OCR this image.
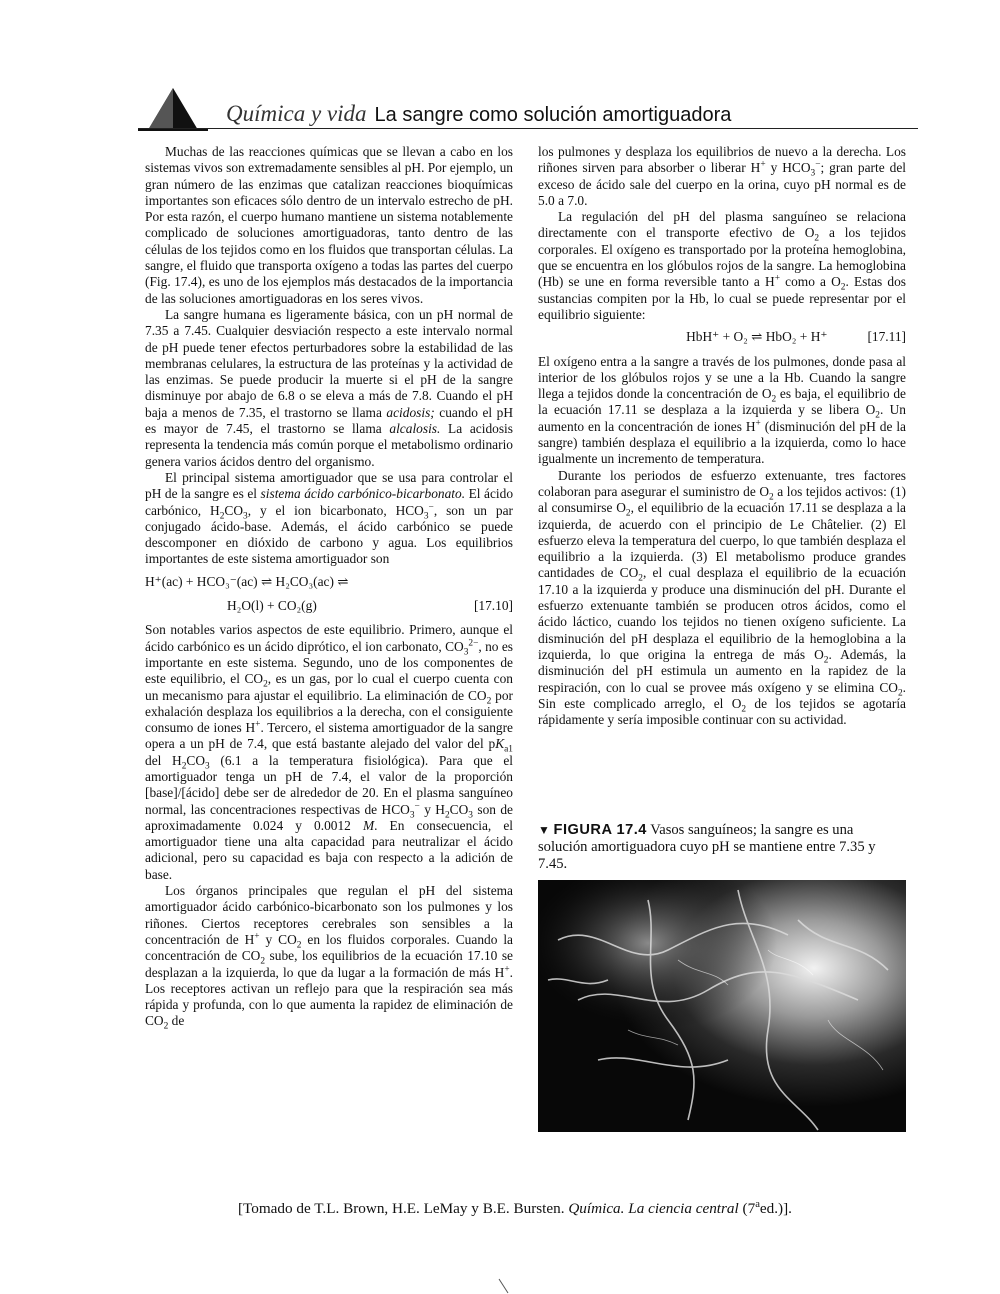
Química y vida La sangre como solución amortiguadora

Muchas de las reacciones químicas que se llevan a cabo en los sistemas vivos son extremadamente sensibles al pH. Por ejemplo, un gran número de las enzimas que catalizan reacciones bioquímicas importantes son eficaces sólo dentro de un intervalo estrecho de pH. Por esta razón, el cuerpo humano mantiene un sistema notablemente complicado de soluciones amortiguadoras, tanto dentro de las células de los tejidos como en los fluidos que transportan células. La sangre, el fluido que transporta oxígeno a todas las partes del cuerpo (Fig. 17.4), es uno de los ejemplos más destacados de la importancia de las soluciones amortiguadoras en los seres vivos.

La sangre humana es ligeramente básica, con un pH normal de 7.35 a 7.45. Cualquier desviación respecto a este intervalo normal de pH puede tener efectos perturbadores sobre la estabilidad de las membranas celulares, la estructura de las proteínas y la actividad de las enzimas. Se puede producir la muerte si el pH de la sangre disminuye por abajo de 6.8 o se eleva a más de 7.8. Cuando el pH baja a menos de 7.35, el trastorno se llama acidosis; cuando el pH es mayor de 7.45, el trastorno se llama alcalosis. La acidosis representa la tendencia más común porque el metabolismo ordinario genera varios ácidos dentro del organismo.

El principal sistema amortiguador que se usa para controlar el pH de la sangre es el sistema ácido carbónico-bicarbonato. El ácido carbónico, $H_2CO_3$, y el ion bicarbonato, $HCO_3^-$, son un par conjugado ácido-base. Además, el ácido carbónico se puede descomponer en dióxido de carbono y agua. Los equilibrios importantes de este sistema amortiguador son

H⁺(ac) + HCO₃⁻(ac) ⇌ H₂CO₃(ac) ⇌
H₂O(l) + CO₂(g)	[17.10]

Son notables varios aspectos de este equilibrio. Primero, aunque el ácido carbónico es un ácido diprótico, el ion carbonato, $CO_3^{2-}$, no es importante en este sistema. Segundo, uno de los componentes de este equilibrio, el $CO_2$, es un gas, por lo cual el cuerpo cuenta con un mecanismo para ajustar el equilibrio. La eliminación de $CO_2$ por exhalación desplaza los equilibrios a la derecha, con el consiguiente consumo de iones H+. Tercero, el sistema amortiguador de la sangre opera a un pH de 7.4, que está bastante alejado del valor del $pK_{a1}$ del $H_2CO_3$ (6.1 a la temperatura fisiológica). Para que el amortiguador tenga un pH de 7.4, el valor de la proporción [base]/[ácido] debe ser de alrededor de 20. En el plasma sanguíneo normal, las concentraciones respectivas de $HCO_3^-$ y $H_2CO_3$ son de aproximadamente 0.024 y 0.0012 M. En consecuencia, el amortiguador tiene una alta capacidad para neutralizar el ácido adicional, pero su capacidad es baja con respecto a la adición de base.

Los órganos principales que regulan el pH del sistema amortiguador ácido carbónico-bicarbonato son los pulmones y los riñones. Ciertos receptores cerebrales son sensibles a la concentración de H+ y $CO_2$ en los fluidos corporales. Cuando la concentración de $CO_2$ sube, los equilibrios de la ecuación 17.10 se desplazan a la izquierda, lo que da lugar a la formación de más H+. Los receptores activan un reflejo para que la respiración sea más rápida y profunda, con lo que aumenta la rapidez de eliminación de $CO_2$ de

los pulmones y desplaza los equilibrios de nuevo a la derecha. Los riñones sirven para absorber o liberar H+ y $HCO_3^-$; gran parte del exceso de ácido sale del cuerpo en la orina, cuyo pH normal es de 5.0 a 7.0.

La regulación del pH del plasma sanguíneo se relaciona directamente con el transporte efectivo de $O_2$ a los tejidos corporales. El oxígeno es transportado por la proteína hemoglobina, que se encuentra en los glóbulos rojos de la sangre. La hemoglobina (Hb) se une en forma reversible tanto a H+ como a $O_2$. Estas dos sustancias compiten por la Hb, lo cual se puede representar por el equilibrio siguiente:

HbH⁺ + O₂ ⇌ HbO₂ + H⁺	[17.11]

El oxígeno entra a la sangre a través de los pulmones, donde pasa al interior de los glóbulos rojos y se une a la Hb. Cuando la sangre llega a tejidos donde la concentración de $O_2$ es baja, el equilibrio de la ecuación 17.11 se desplaza a la izquierda y se libera $O_2$. Un aumento en la concentración de iones H+ (disminución del pH de la sangre) también desplaza el equilibrio a la izquierda, como lo hace igualmente un incremento de temperatura.

Durante los periodos de esfuerzo extenuante, tres factores colaboran para asegurar el suministro de $O_2$ a los tejidos activos: (1) al consumirse $O_2$, el equilibrio de la ecuación 17.11 se desplaza a la izquierda, de acuerdo con el principio de Le Châtelier. (2) El esfuerzo eleva la temperatura del cuerpo, lo que también desplaza el equilibrio a la izquierda. (3) El metabolismo produce grandes cantidades de $CO_2$, el cual desplaza el equilibrio de la ecuación 17.10 a la izquierda y produce una disminución del pH. Durante el esfuerzo extenuante también se producen otros ácidos, como el ácido láctico, cuando los tejidos no tienen oxígeno suficiente. La disminución del pH desplaza el equilibrio de la hemoglobina a la izquierda, lo que origina la entrega de más $O_2$. Además, la disminución del pH estimula un aumento en la rapidez de la respiración, con lo cual se provee más oxígeno y se elimina $CO_2$. Sin este complicado arreglo, el $O_2$ de los tejidos se agotaría rápidamente y sería imposible continuar con su actividad.

▼ FIGURA 17.4 Vasos sanguíneos; la sangre es una solución amortiguadora cuyo pH se mantiene entre 7.35 y 7.45.
[Tomado de T.L. Brown, H.E. LeMay y B.E. Bursten. Química. La ciencia central (7$^a$ed.)].
